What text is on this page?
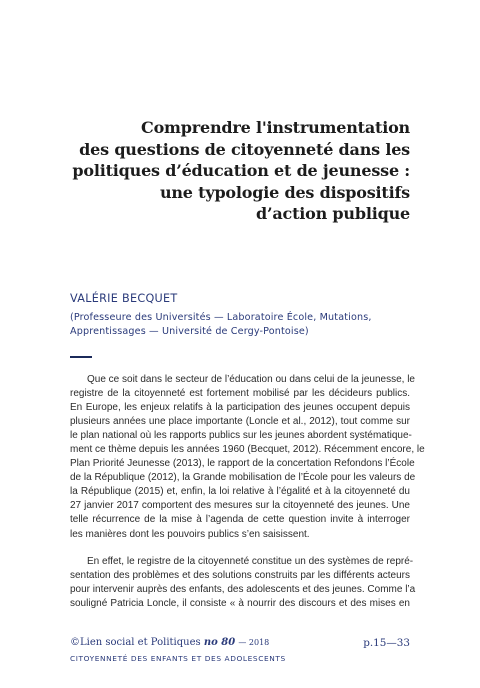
Comprendre l'instrumentation
des questions de citoyenneté dans les
politiques d’éducation et de jeunesse :
une typologie des dispositifs
d’action publique
VALÉRIE BECQUET
(Professeure des Universités — Laboratoire École, Mutations,
Apprentissages — Université de Cergy-Pontoise)
Que ce soit dans le secteur de l’éducation ou dans celui de la jeunesse, le
registre de la citoyenneté est fortement mobilisé par les décideurs publics.
En Europe, les enjeux relatifs à la participation des jeunes occupent depuis
plusieurs années une place importante (Loncle et al., 2012), tout comme sur
le plan national où les rapports publics sur les jeunes abordent systématique-
ment ce thème depuis les années 1960 (Becquet, 2012). Récemment encore, le
Plan Priorité Jeunesse (2013), le rapport de la concertation Refondons l’École
de la République (2012), la Grande mobilisation de l’École pour les valeurs de
la République (2015) et, enfin, la loi relative à l’égalité et à la citoyenneté du
27 janvier 2017 comportent des mesures sur la citoyenneté des jeunes. Une
telle récurrence de la mise à l’agenda de cette question invite à interroger
les manières dont les pouvoirs publics s’en saisissent.
En effet, le registre de la citoyenneté constitue un des systèmes de repré-
sentation des problèmes et des solutions construits par les différents acteurs
pour intervenir auprès des enfants, des adolescents et des jeunes. Comme l’a
souligné Patricia Loncle, il consiste « à nourrir des discours et des mises en
©Lien social et Politiques no 80 — 2018	p.15—33
CITOYENNETÉ DES ENFANTS ET DES ADOLESCENTS
